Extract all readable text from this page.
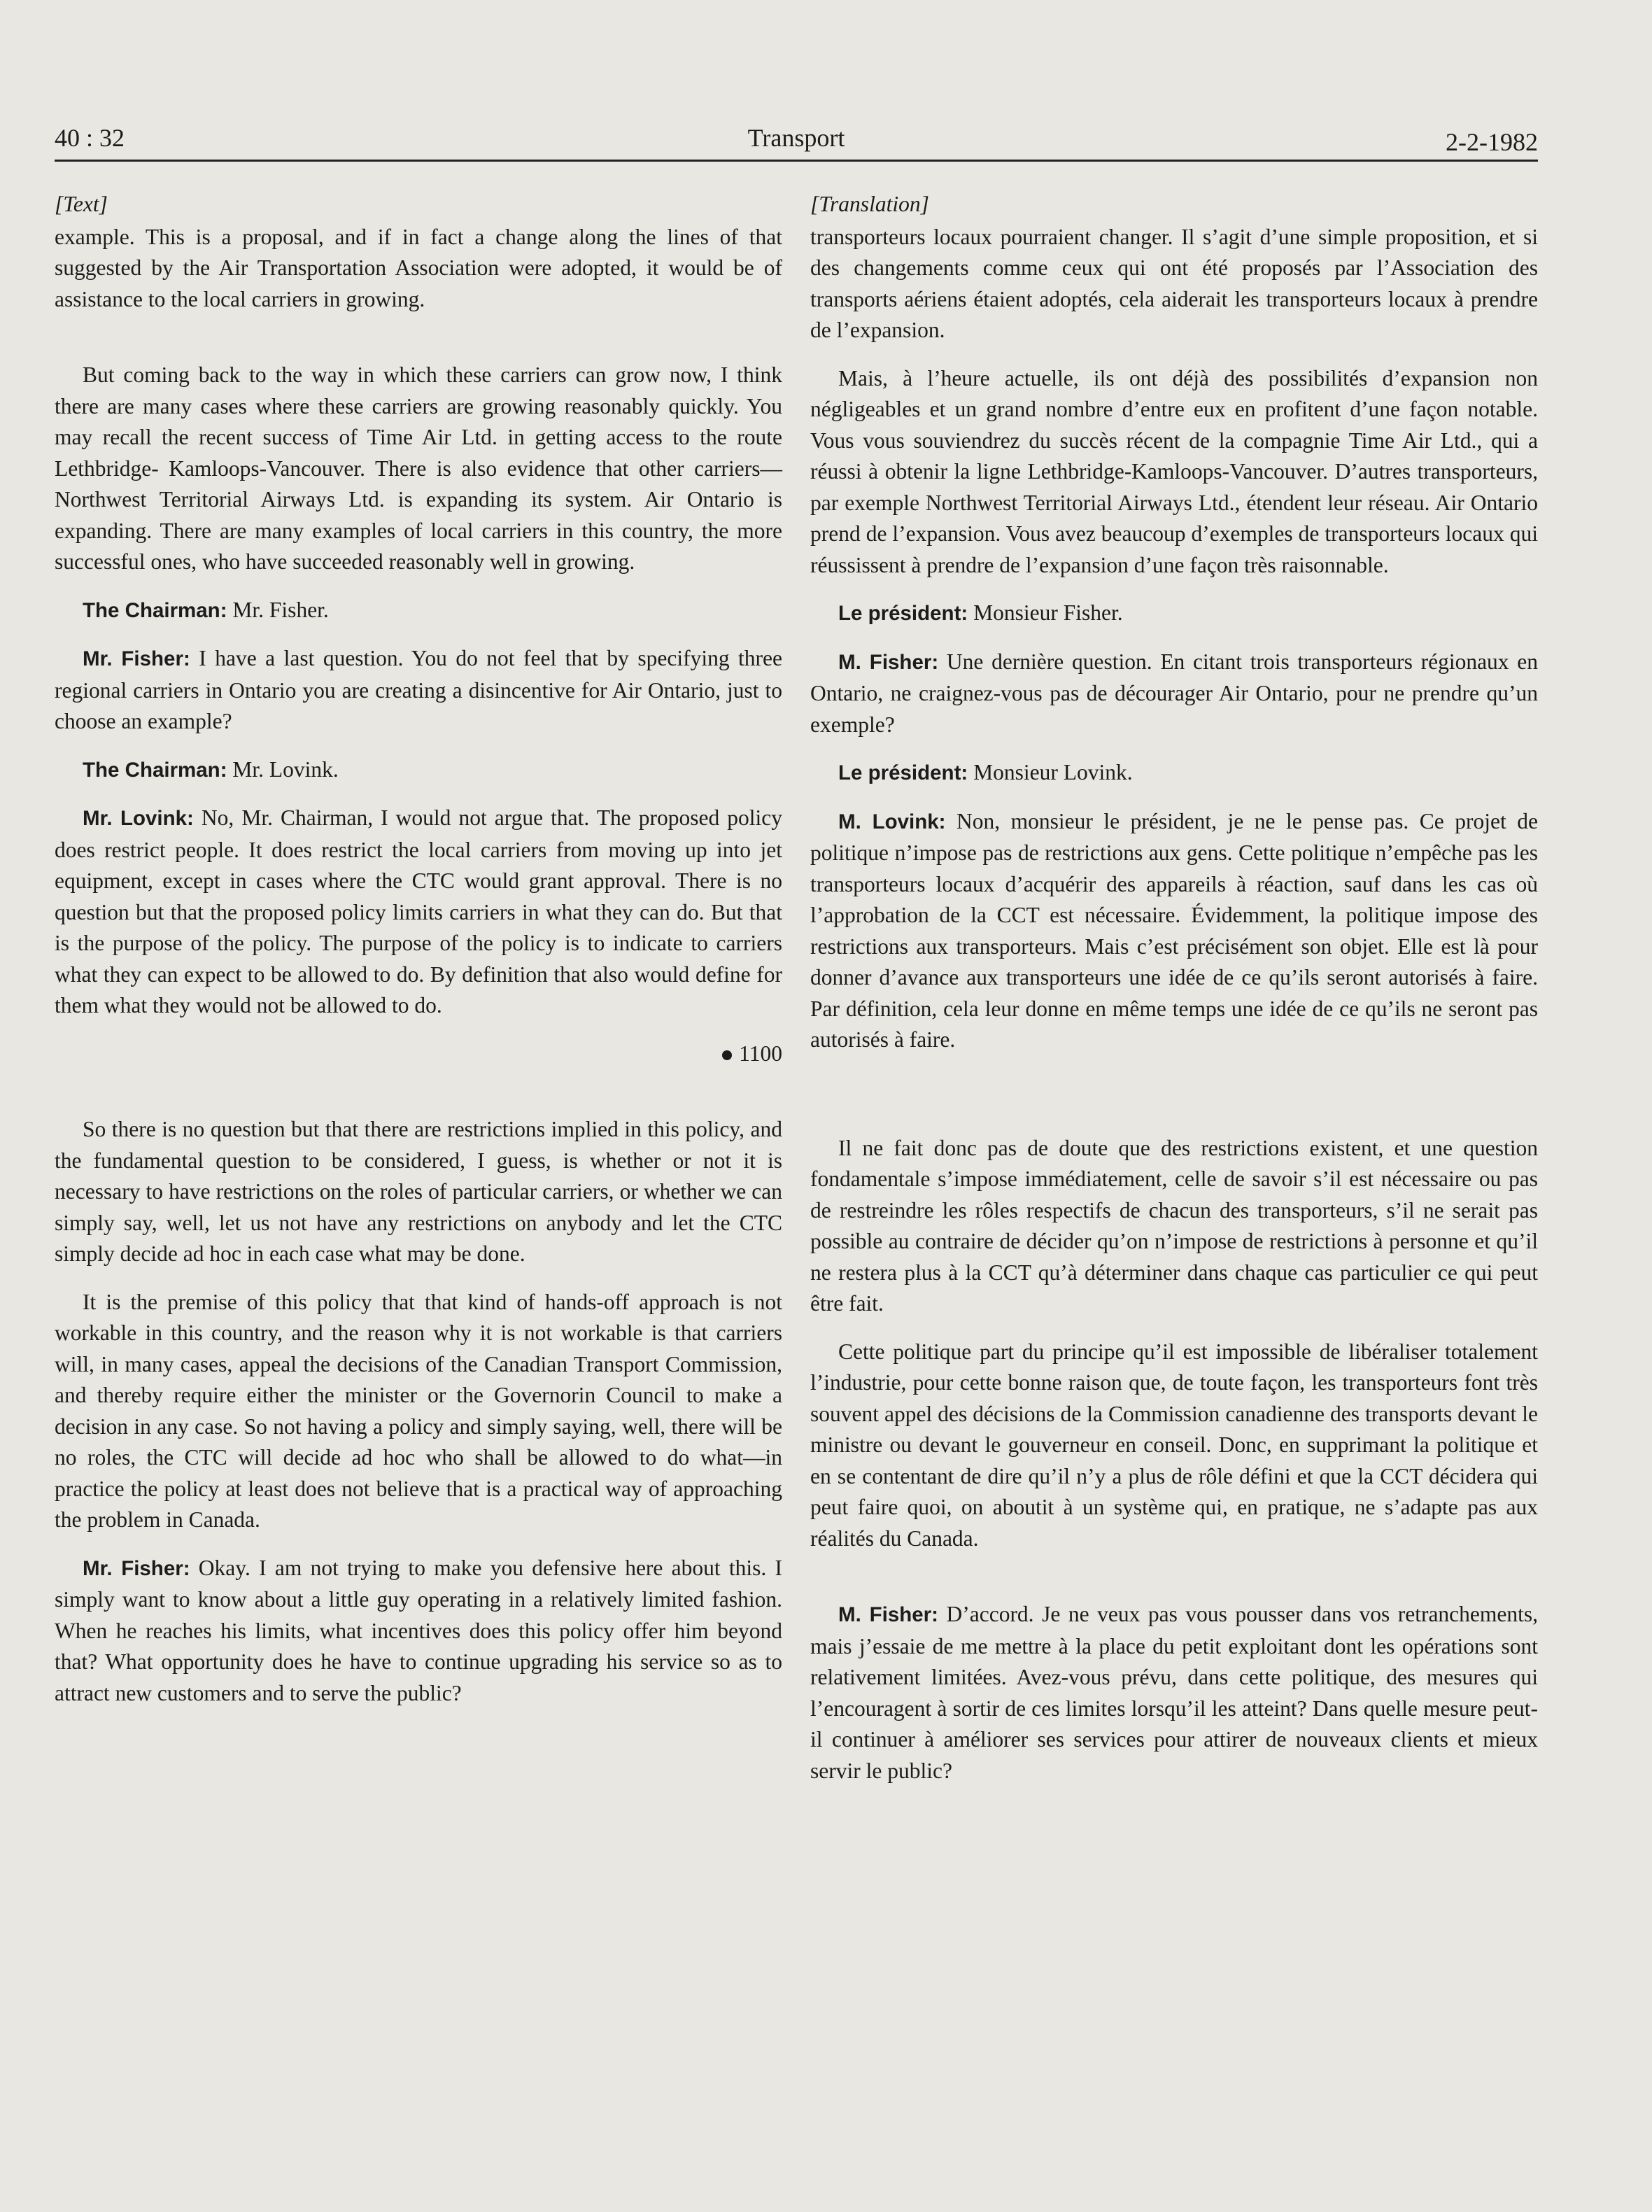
40 : 32	Transport	2-2-1982
[Text]

example. This is a proposal, and if in fact a change along the lines of that suggested by the Air Transportation Association were adopted, it would be of assistance to the local carriers in growing.

But coming back to the way in which these carriers can grow now, I think there are many cases where these carriers are growing reasonably quickly. You may recall the recent success of Time Air Ltd. in getting access to the route Lethbridge- Kamloops-Vancouver. There is also evidence that other carriers—Northwest Territorial Airways Ltd. is expanding its system. Air Ontario is expanding. There are many examples of local carriers in this country, the more successful ones, who have succeeded reasonably well in growing.

The Chairman: Mr. Fisher.

Mr. Fisher: I have a last question. You do not feel that by specifying three regional carriers in Ontario you are creating a disincentive for Air Ontario, just to choose an example?

The Chairman: Mr. Lovink.

Mr. Lovink: No, Mr. Chairman, I would not argue that. The proposed policy does restrict people. It does restrict the local carriers from moving up into jet equipment, except in cases where the CTC would grant approval. There is no question but that the proposed policy limits carriers in what they can do. But that is the purpose of the policy. The purpose of the policy is to indicate to carriers what they can expect to be allowed to do. By definition that also would define for them what they would not be allowed to do.

1100

So there is no question but that there are restrictions implied in this policy, and the fundamental question to be considered, I guess, is whether or not it is necessary to have restrictions on the roles of particular carriers, or whether we can simply say, well, let us not have any restrictions on anybody and let the CTC simply decide ad hoc in each case what may be done.

It is the premise of this policy that that kind of hands-off approach is not workable in this country, and the reason why it is not workable is that carriers will, in many cases, appeal the decisions of the Canadian Transport Commission, and thereby require either the minister or the Governorin Council to make a decision in any case. So not having a policy and simply saying, well, there will be no roles, the CTC will decide ad hoc who shall be allowed to do what—in practice the policy at least does not believe that is a practical way of approaching the problem in Canada.

Mr. Fisher: Okay. I am not trying to make you defensive here about this. I simply want to know about a little guy operating in a relatively limited fashion. When he reaches his limits, what incentives does this policy offer him beyond that? What opportunity does he have to continue upgrading his service so as to attract new customers and to serve the public?

[Translation]

transporteurs locaux pourraient changer. Il s’agit d’une simple proposition, et si des changements comme ceux qui ont été proposés par l’Association des transports aériens étaient adoptés, cela aiderait les transporteurs locaux à prendre de l’expansion.

Mais, à l’heure actuelle, ils ont déjà des possibilités d’expansion non négligeables et un grand nombre d’entre eux en profitent d’une façon notable. Vous vous souviendrez du succès récent de la compagnie Time Air Ltd., qui a réussi à obtenir la ligne Lethbridge-Kamloops-Vancouver. D’autres transporteurs, par exemple Northwest Territorial Airways Ltd., étendent leur réseau. Air Ontario prend de l’expansion. Vous avez beaucoup d’exemples de transporteurs locaux qui réussissent à prendre de l’expansion d’une façon très raisonnable.

Le président: Monsieur Fisher.

M. Fisher: Une dernière question. En citant trois transporteurs régionaux en Ontario, ne craignez-vous pas de décourager Air Ontario, pour ne prendre qu’un exemple?

Le président: Monsieur Lovink.

M. Lovink: Non, monsieur le président, je ne le pense pas. Ce projet de politique n’impose pas de restrictions aux gens. Cette politique n’empêche pas les transporteurs locaux d’acquérir des appareils à réaction, sauf dans les cas où l’approbation de la CCT est nécessaire. Évidemment, la politique impose des restrictions aux transporteurs. Mais c’est précisément son objet. Elle est là pour donner d’avance aux transporteurs une idée de ce qu’ils seront autorisés à faire. Par définition, cela leur donne en même temps une idée de ce qu’ils ne seront pas autorisés à faire.

Il ne fait donc pas de doute que des restrictions existent, et une question fondamentale s’impose immédiatement, celle de savoir s’il est nécessaire ou pas de restreindre les rôles respectifs de chacun des transporteurs, s’il ne serait pas possible au contraire de décider qu’on n’impose de restrictions à personne et qu’il ne restera plus à la CCT qu’à déterminer dans chaque cas particulier ce qui peut être fait.

Cette politique part du principe qu’il est impossible de libéraliser totalement l’industrie, pour cette bonne raison que, de toute façon, les transporteurs font très souvent appel des décisions de la Commission canadienne des transports devant le ministre ou devant le gouverneur en conseil. Donc, en supprimant la politique et en se contentant de dire qu’il n’y a plus de rôle défini et que la CCT décidera qui peut faire quoi, on aboutit à un système qui, en pratique, ne s’adapte pas aux réalités du Canada.

M. Fisher: D’accord. Je ne veux pas vous pousser dans vos retranchements, mais j’essaie de me mettre à la place du petit exploitant dont les opérations sont relativement limitées. Avez-vous prévu, dans cette politique, des mesures qui l’encouragent à sortir de ces limites lorsqu’il les atteint? Dans quelle mesure peut-il continuer à améliorer ses services pour attirer de nouveaux clients et mieux servir le public?
